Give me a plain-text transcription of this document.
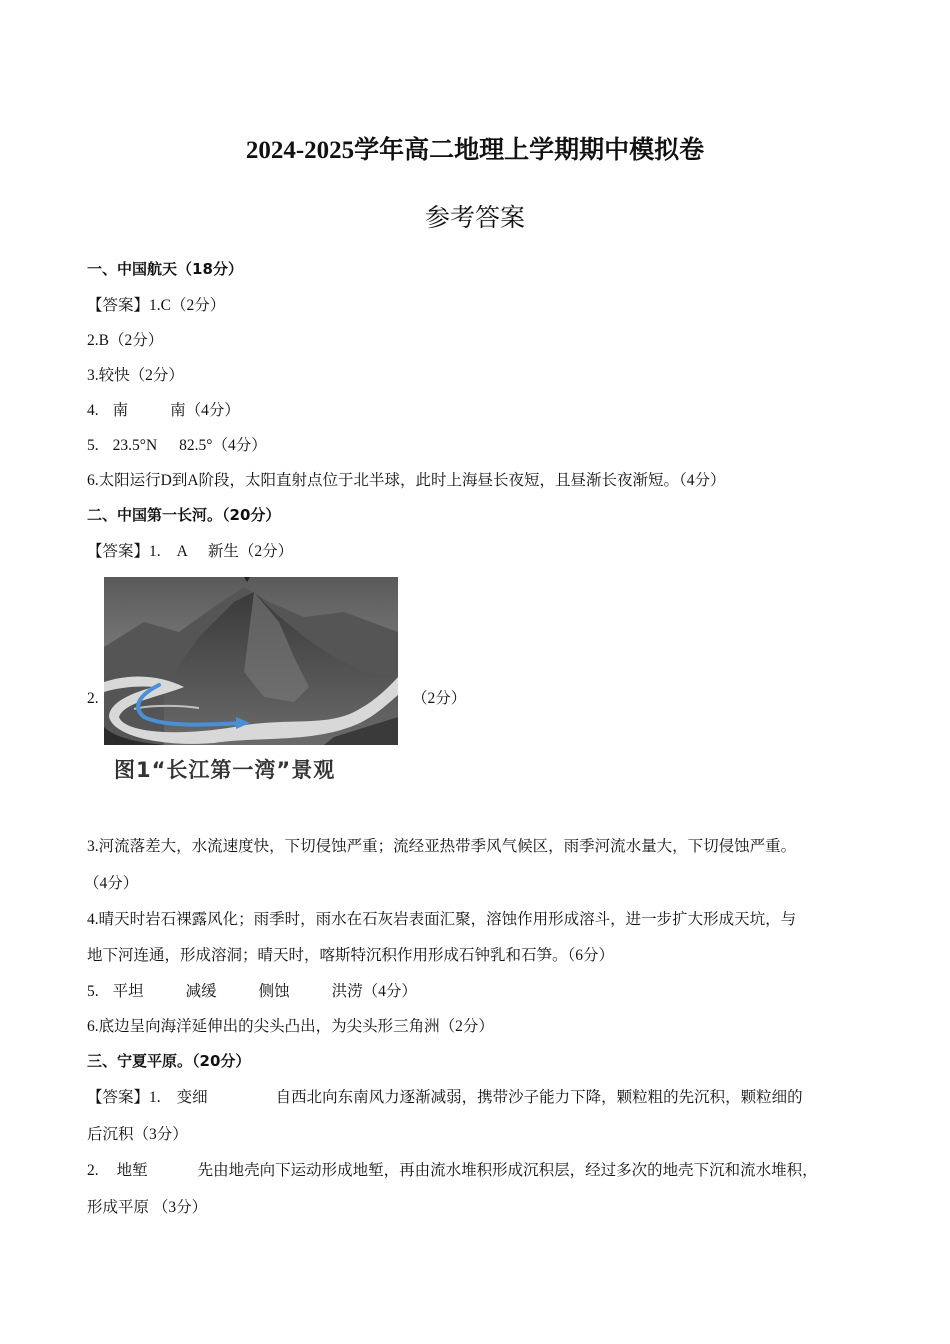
2024-2025学年高二地理上学期期中模拟卷
参考答案
一、中国航天（18分）
【答案】1.C（2分）
2.B（2分）
3.较快（2分）
4. 南	南（4分）
5. 23.5°N 82.5°（4分）
6.太阳运行D到A阶段，太阳直射点位于北半球，此时上海昼长夜短，且昼渐长夜渐短。（4分）
二、中国第一长河。（20分）
【答案】1. A 新生（2分）
2.
图1“长江第一湾”景观
（2分）
3.河流落差大，水流速度快，下切侵蚀严重；流经亚热带季风气候区，雨季河流水量大，下切侵蚀严重。
（4分）
4.晴天时岩石裸露风化；雨季时，雨水在石灰岩表面汇聚，溶蚀作用形成溶斗，进一步扩大形成天坑，与
地下河连通，形成溶洞；晴天时，喀斯特沉积作用形成石钟乳和石笋。（6分）
5. 平坦	减缓	侧蚀	洪涝（4分）
6.底边呈向海洋延伸出的尖头凸出，为尖头形三角洲（2分）
三、宁夏平原。（20分）
【答案】1. 变细	自西北向东南风力逐渐减弱，携带沙子能力下降，颗粒粗的先沉积，颗粒细的
后沉积（3分）
2. 地堑	先由地壳向下运动形成地堑，再由流水堆积形成沉积层，经过多次的地壳下沉和流水堆积，
形成平原 （3分）
